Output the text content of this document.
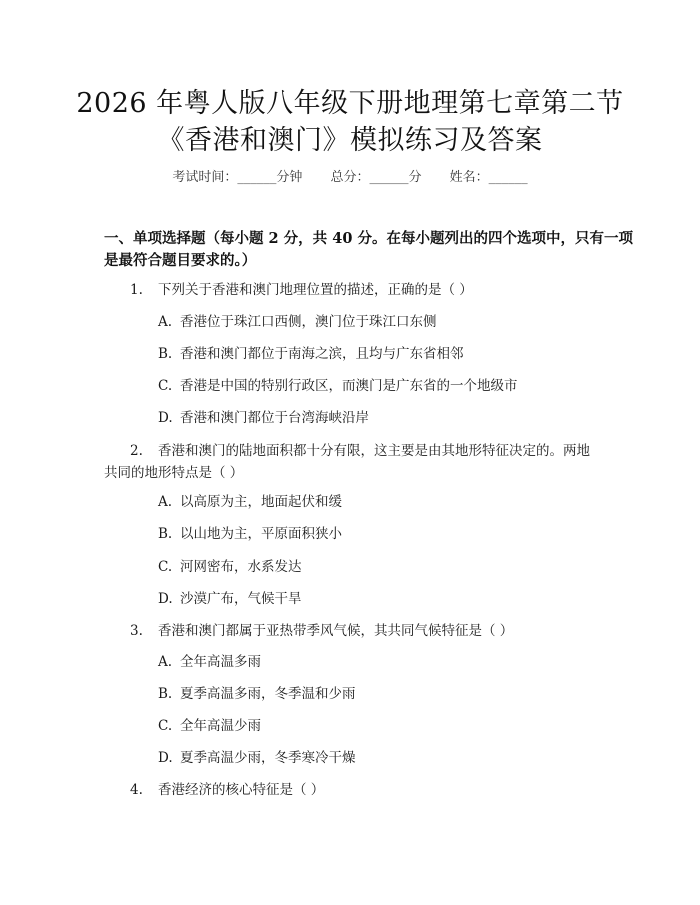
2026 年粤人版八年级下册地理第七章第二节
《香港和澳门》模拟练习及答案
考试时间：______分钟 总分：______分 姓名：______
一、单项选择题（每小题 2 分，共 40 分。在每小题列出的四个选项中，只有一项
是最符合题目要求的。）
1. 下列关于香港和澳门地理位置的描述，正确的是（ ）
A. 香港位于珠江口西侧，澳门位于珠江口东侧
B. 香港和澳门都位于南海之滨，且均与广东省相邻
C. 香港是中国的特别行政区，而澳门是广东省的一个地级市
D. 香港和澳门都位于台湾海峡沿岸
2. 香港和澳门的陆地面积都十分有限，这主要是由其地形特征决定的。两地
共同的地形特点是（ ）
A. 以高原为主，地面起伏和缓
B. 以山地为主，平原面积狭小
C. 河网密布，水系发达
D. 沙漠广布，气候干旱
3. 香港和澳门都属于亚热带季风气候，其共同气候特征是（ ）
A. 全年高温多雨
B. 夏季高温多雨，冬季温和少雨
C. 全年高温少雨
D. 夏季高温少雨，冬季寒冷干燥
4. 香港经济的核心特征是（ ）
